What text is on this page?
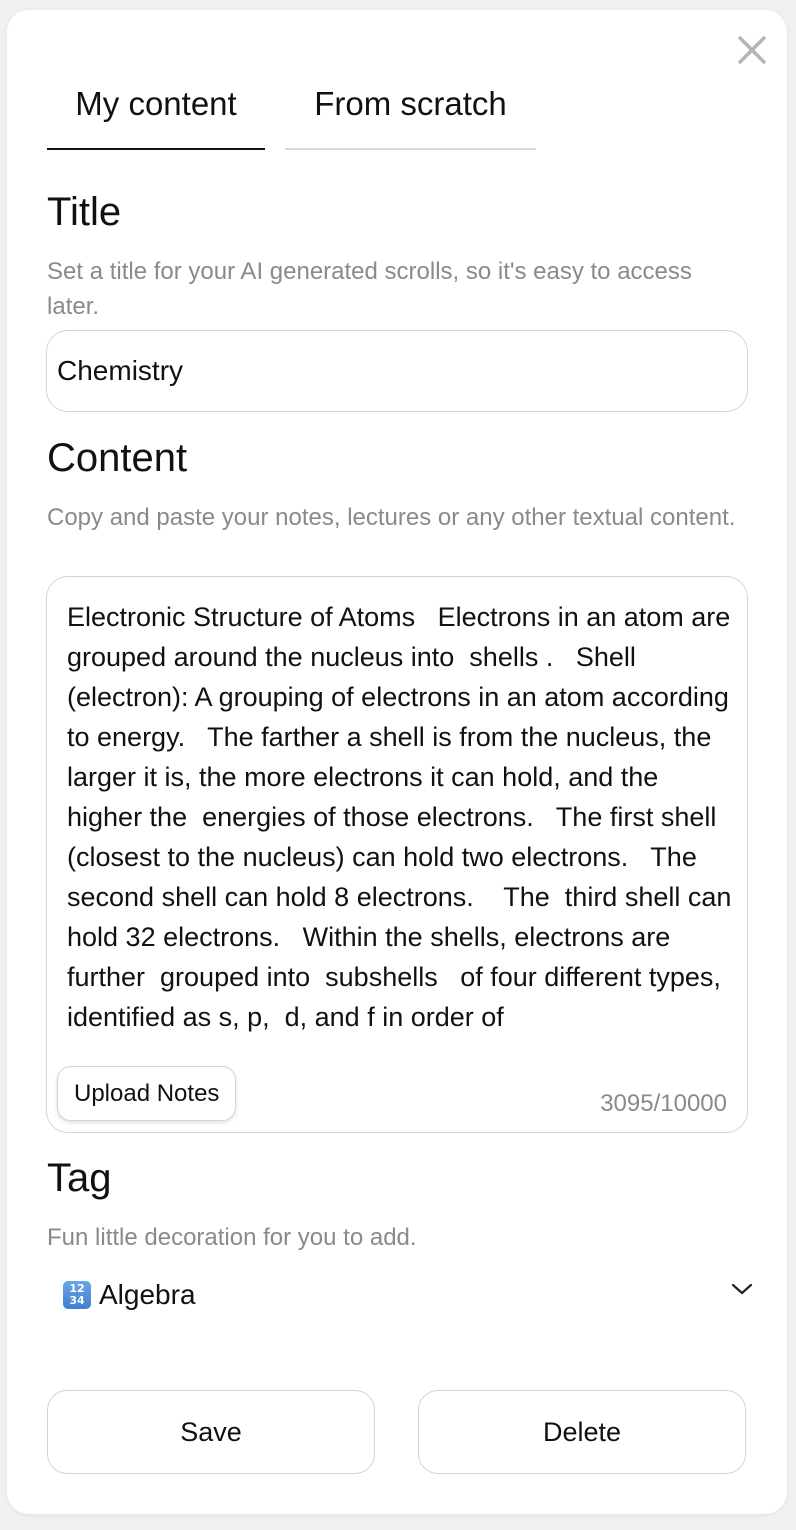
My content	From scratch
Title
Set a title for your AI generated scrolls, so it's easy to access later.
Chemistry
Content
Copy and paste your notes, lectures or any other textual content.
Electronic Structure of Atoms   Electrons in an atom are grouped around the nucleus into  shells .   Shell (electron): A grouping of electrons in an atom according to energy.   The farther a shell is from the nucleus, the larger it is, the more electrons it can hold, and the higher the  energies of those electrons.   The first shell (closest to the nucleus) can hold two electrons.   The second shell can hold 8 electrons.    The  third shell can hold 32 electrons.   Within the shells, electrons are further  grouped into  subshells   of four different types, identified as s, p,  d, and f in order of
Upload Notes	3095/10000
Tag
Fun little decoration for you to add.
12
34 Algebra
Save	Delete
